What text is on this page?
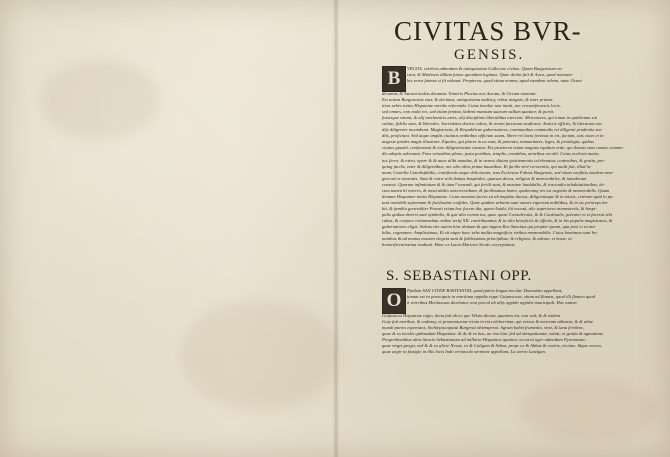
CIVITAS BVR-
GENSIS.
B	VRGOS, celebris admodum & antiquissima Galleciae civitas. Quam Burgensium vo-
cant, & Mathoeis dillam fuisse quondam legimus. Quae decha fuit & Auca, quod nonnum-
bis veros fuimus si fit videant. Propterea, quod etiam nomen, apud eamdem urbem, nunc Ocani
dicuntur, & Aucani moliss dicuntur. Tomeris Pluvius nos Aucam, & Occam nominat.
Est autem Burgosensis eius, & decimus, antiquissima multisq; rebus insignis, & inter primas
trias urbes totius Hispaniae meritis referenda. Cuius incolae non inuiti, nec circumforaneis locis,
sed omnes, non multi res, sed etiam femina, habent mansum suarum vallum quatuor, & portis
fossisque vmunt, & alij mechanicis artes, alij disciplinis liberalibus exercent. Mercatores, qui totum in quidvetam sin
culatu, fidelis sunt, & liberales. Sacerdotes doctos cultos, & rerum factarum studiosos. Amiciis officiis, & literarum stu-
dijs diligenter incumbunt. Magistratus, & Respublicae gubernatores, communibus commodis rei diligenti prudentia stu-
diis, proficiunt. Sed atque amplis ciuitatis ordinibus officium suum, libere rei laeta fecimus in eis, faciam, suis ciues et in
angeste prodes magis illustrare. Equites, qui plures in ea sunt, & potentes, immunitates, leges, & priuilegia, quibus
ciuitas gaudet, conformant & iure diligentissime tuentur. Est praeterea etiam magnus equitum ordo, qui domus suas omnes commo-
dis adeptis adornant, Fons vetustibus plano, juxta portibus, templis, ornatibus, aeneibus excolit. Cuius ecclesia maior,
tur, ferro, & extra, opere & & nunc alibi mundus, & in aeneis diuina ipsiriementis celebrantur, contraibus, & gratia, pre-
quing facilis, inter & diligentibus, nec alio alios prima haustibus. Et facilis verè cerscentis, qui multi fuit, illud lu-
mum, Castella Canobsfabilis, contificatis atque deliciarum, iens Ecclesiae Fabius Burgensis, sed etiam conflitis eundem mon-
gem ad ex tomentis. Sunt & extra velti domus hospitales, quarum decus, religion & memorabiles, & mundorum
censent. Quarum infimitatum & & itum? tonendi, qui fertili sunt, & maxime laudabilis, & iracundia inhabitationibus, de-
cum tamen hi veteres, & miserabiles misericordiam, & facilissimas homo, qualicumq res est negotiis & memorabilis. Quam
domum Hispaniae totius Hispaniae. Cuius maxima facies sit ab impulsu ductus, diligentiaque & in stictis, ceterum quid in pu-
tant invisibili supremum & facilissimi confides. Quae quidem urbanis sunt omnes equorum nobilibus, & in sic princeps ha-
bit, & familia generaliter Praesti etiam hoc facere dia, quem Auida, ihi vocant, alic superiores monasteriis, & hospi-
palis quibus diversi sunt symbolis, & que alio eorum ius, quae quasi Consuleratis, & & Cardinalis, potenter et et facerat sibi
rubus, & corpore commendata ordine tertij XII. contribuuntur, & in alio beneficiis & officiis, & in his populis magistratus, &
gubernatores eligit. Ardens rite autem hinc domum & quo ingens Rex Sanctius qui propter ipsum, qua post vi ra ma-
bilia, cognomen. Amplissimus; Et sit atque haec urbs multis magnificis viribus memorabilis. Cuius hominum sunt ho-
minibus & ad manus maximi elegent sunt & fidelissimas principibus; & religiosi, & adesse, et hoste, et.
honorificentissima tradiunt. Haec ex Lucia Marineo Siculo excerpsimus.
S. SEBASTIANI OPP.
O	Ppidum SAN CIVDE BASTIANVM, quod patria lingua incolae Donostian appellant,
tunum est ex praecipuis in maritima oppidis regni Guipuscoae, situm ad flumen, quod illi flumen quod
à veteribus Menlascum dicebatur, non procul ab alijs oppido oppidis municipali. Hoc autem
Guipuscoa Hispaniae regio, dicta fuit ab eo que Velsia dictiur, quamvis ita, non vult, & & iisdem
Guiy fuit moribus, & eademq; et promontoriae trium in est celeberrima, qui versus & mercium adinstar, & & aliae
mundi partes exportant, Archiepiscopatui Burgensi obtemperat. Agrum habet frumento, vino, & lana fertilem,
quae & ex incolis quibusdam Hispaniae. & de & ex hac, ue vno hinc fed ad obrepatiuntur, valuit; et gratia & agnomina;
Progredientibus ultra Sancto Sebastianum ad millaria Hispanica quatuor, occurrit ager admodum Pyrenaeum,
quae virgis gregsi, sed & & ex alicie Nexas, ex & Caligum & Sebas, prope ex & Abbas & castris, vicinus. Idque vocem,
quae aegir in fastigio in illis locis Indo vernaculo sermone appellant, La sierra Lastigan.
